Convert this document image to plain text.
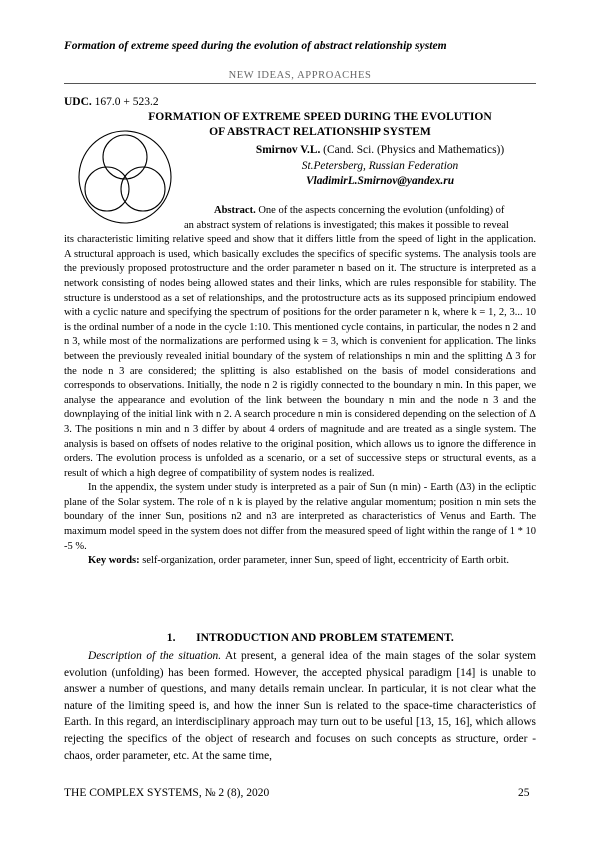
Formation of extreme speed during the evolution of abstract relationship system
NEW IDEAS, APPROACHES
UDC. 167.0 + 523.2
FORMATION OF EXTREME SPEED DURING THE EVOLUTION
OF ABSTRACT RELATIONSHIP SYSTEM
Smirnov V.L. (Cand. Sci. (Physics and Mathematics))
St.Petersberg, Russian Federation
VladimirL.Smirnov@yandex.ru

Abstract. One of the aspects concerning the evolution (unfolding) of

an abstract system of relations is investigated; this makes it possible to reveal

its characteristic limiting relative speed and show that it differs little from the speed of light in the application. A structural approach is used, which basically excludes the specifics of specific systems. The analysis tools are the previously proposed protostructure and the order parameter n based on it. The structure is interpreted as a network consisting of nodes being allowed states and their links, which are rules responsible for stability. The structure is understood as a set of relationships, and the protostructure acts as its supposed principium endowed with a cyclic nature and specifying the spectrum of positions for the order parameter n k, where k = 1, 2, 3... 10 is the ordinal number of a node in the cycle 1:10. This mentioned cycle contains, in particular, the nodes n 2 and n 3, while most of the normalizations are performed using k = 3, which is convenient for application. The links between the previously revealed initial boundary of the system of relationships n min and the splitting Δ 3 for the node n 3 are considered; the splitting is also established on the basis of model considerations and corresponds to observations. Initially, the node n 2 is rigidly connected to the boundary n min. In this paper, we analyse the appearance and evolution of the link between the boundary n min and the node n 3 and the downplaying of the initial link with n 2. A search procedure n min is considered depending on the selection of Δ 3. The positions n min and n 3 differ by about 4 orders of magnitude and are treated as a single system. The analysis is based on offsets of nodes relative to the original position, which allows us to ignore the difference in orders. The evolution process is unfolded as a scenario, or a set of successive steps or structural events, as a result of which a high degree of compatibility of system nodes is realized.

In the appendix, the system under study is interpreted as a pair of Sun (n min) - Earth (Δ3) in the ecliptic plane of the Solar system. The role of n k is played by the relative angular momentum; position n min sets the boundary of the inner Sun, positions n2 and n3 are interpreted as characteristics of Venus and Earth. The maximum model speed in the system does not differ from the measured speed of light within the range of 1 * 10 -5 %.

Key words: self-organization, order parameter, inner Sun, speed of light, eccentricity of Earth orbit.

1. INTRODUCTION AND PROBLEM STATEMENT.

Description of the situation. At present, a general idea of the main stages of the solar system evolution (unfolding) has been formed. However, the accepted physical paradigm [14] is unable to answer a number of questions, and many details remain unclear. In particular, it is not clear what the nature of the limiting speed is, and how the inner Sun is related to the space-time characteristics of Earth. In this regard, an interdisciplinary approach may turn out to be useful [13, 15, 16], which allows rejecting the specifics of the object of research and focuses on such concepts as structure, order - chaos, order parameter, etc. At the same time,

THE COMPLEX SYSTEMS, № 2 (8), 2020	25
